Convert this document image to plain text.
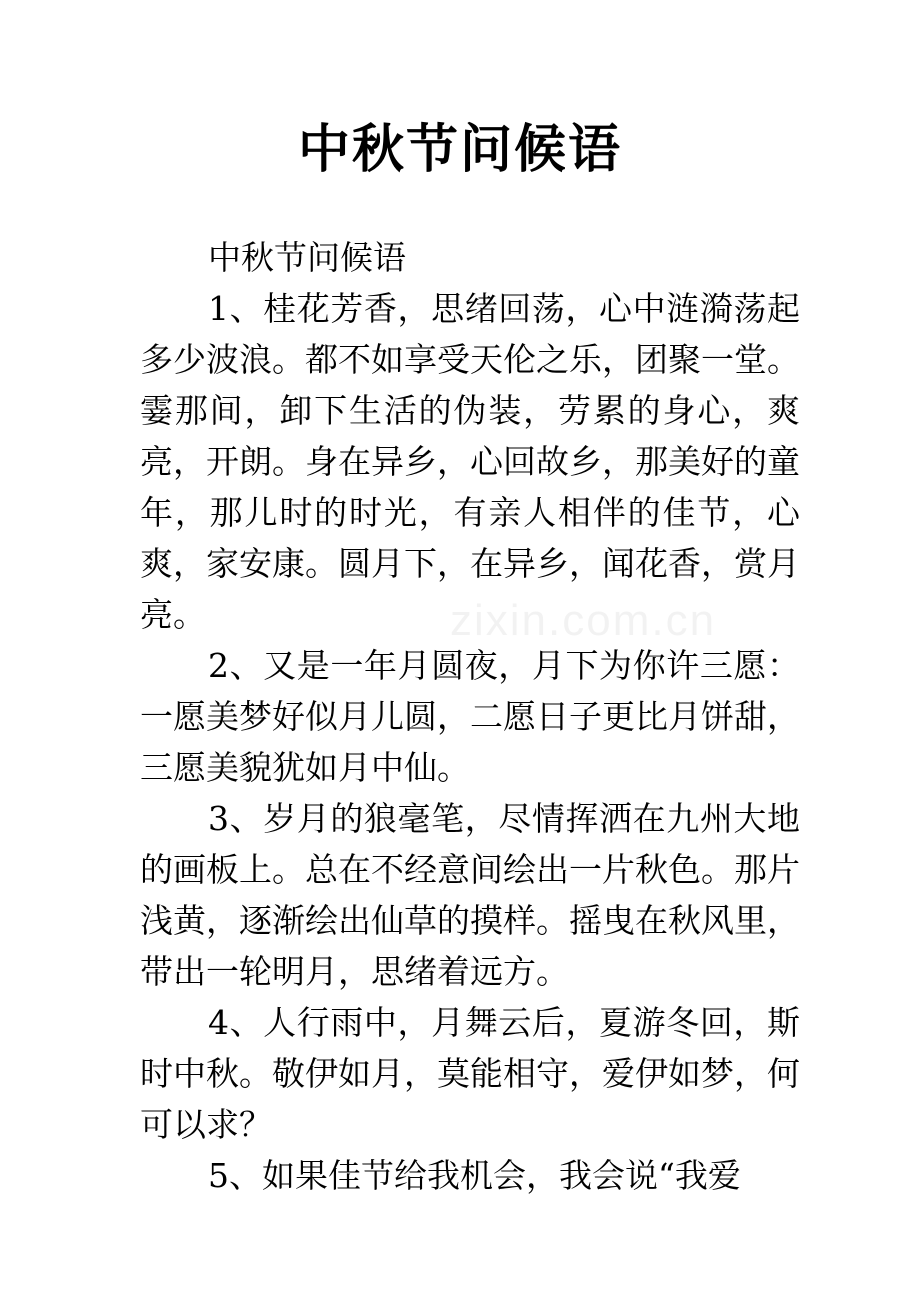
中秋节问候语
zixin.com.cn

中秋节问候语

1、桂花芳香，思绪回荡，心中涟漪荡起多少波浪。都不如享受天伦之乐，团聚一堂。霎那间，卸下生活的伪装，劳累的身心，爽亮，开朗。身在异乡，心回故乡，那美好的童年，那儿时的时光，有亲人相伴的佳节，心爽，家安康。圆月下，在异乡，闻花香，赏月亮。

2、又是一年月圆夜，月下为你许三愿：一愿美梦好似月儿圆，二愿日子更比月饼甜，三愿美貌犹如月中仙。

3、岁月的狼毫笔，尽情挥洒在九州大地的画板上。总在不经意间绘出一片秋色。那片浅黄，逐渐绘出仙草的摸样。摇曳在秋风里，带出一轮明月，思绪着远方。

4、人行雨中，月舞云后，夏游冬回，斯时中秋。敬伊如月，莫能相守，爱伊如梦，何可以求？

5、如果佳节给我机会，我会说“我爱
